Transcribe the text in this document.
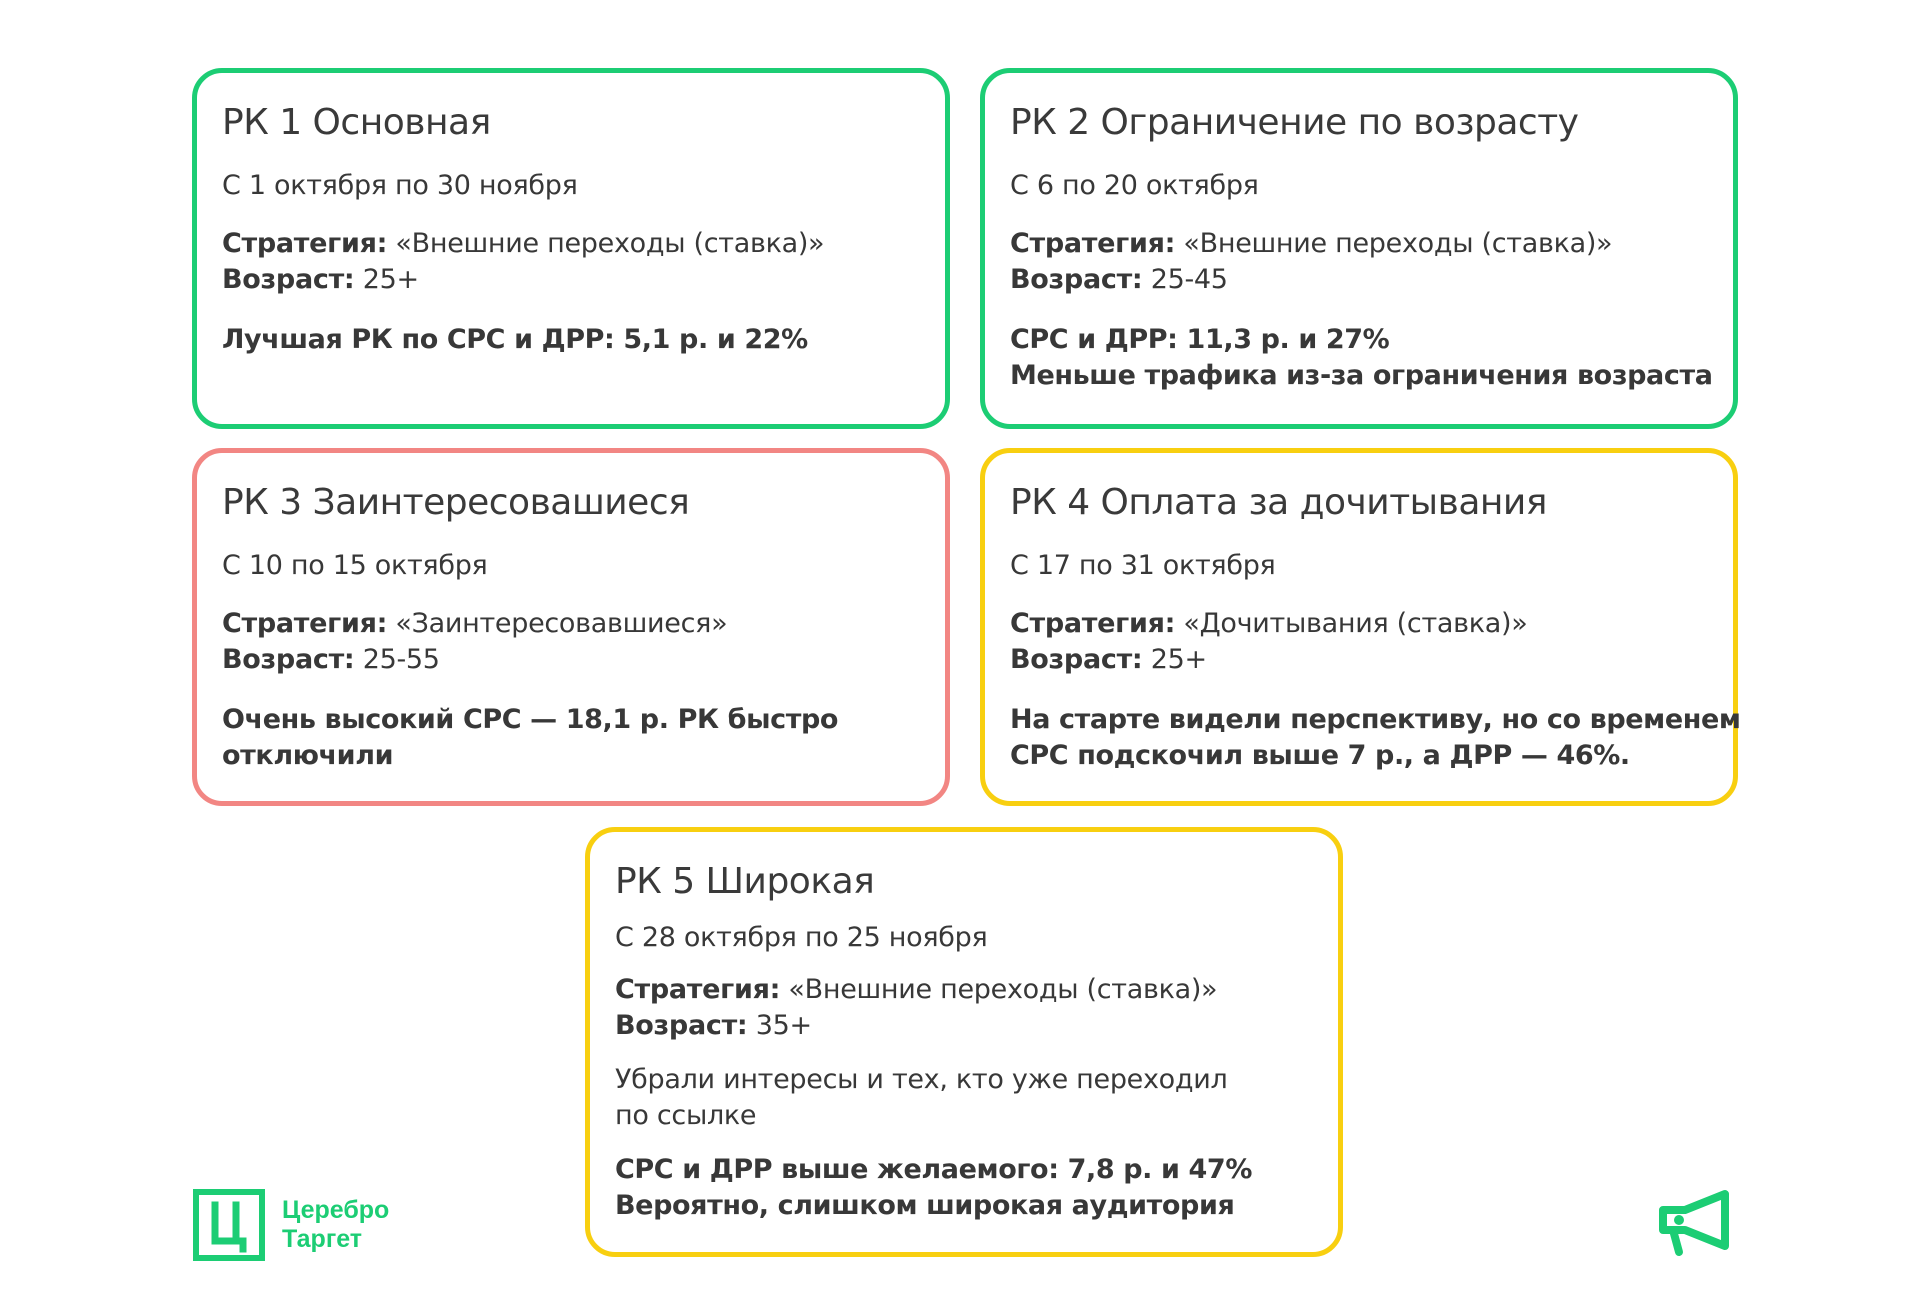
РК 1 Основная
С 1 октября по 30 ноября
Стратегия: «Внешние переходы (ставка)»
Возраст: 25+
Лучшая РК по CPC и ДРР: 5,1 р. и 22%
РК 2 Ограничение по возрасту
С 6 по 20 октября
Стратегия: «Внешние переходы (ставка)»
Возраст: 25-45
CPC и ДРР: 11,3 р. и 27%
Меньше трафика из-за ограничения возраста
РК 3 Заинтересовашиеся
С 10 по 15 октября
Стратегия: «Заинтересовавшиеся»
Возраст: 25-55
Очень высокий CPC — 18,1 р. РК быстро
отключили
РК 4 Оплата за дочитывания
С 17 по 31 октября
Стратегия: «Дочитывания (ставка)»
Возраст: 25+
На старте видели перспективу, но со временем
CPC подскочил выше 7 р., а ДРР — 46%.
РК 5 Широкая
С 28 октября по 25 ноября
Стратегия: «Внешние переходы (ставка)»
Возраст: 35+
Убрали интересы и тех, кто уже переходил
по ссылке
CPC и ДРР выше желаемого: 7,8 р. и 47%
Вероятно, слишком широкая аудитория
Церебро
Таргет
